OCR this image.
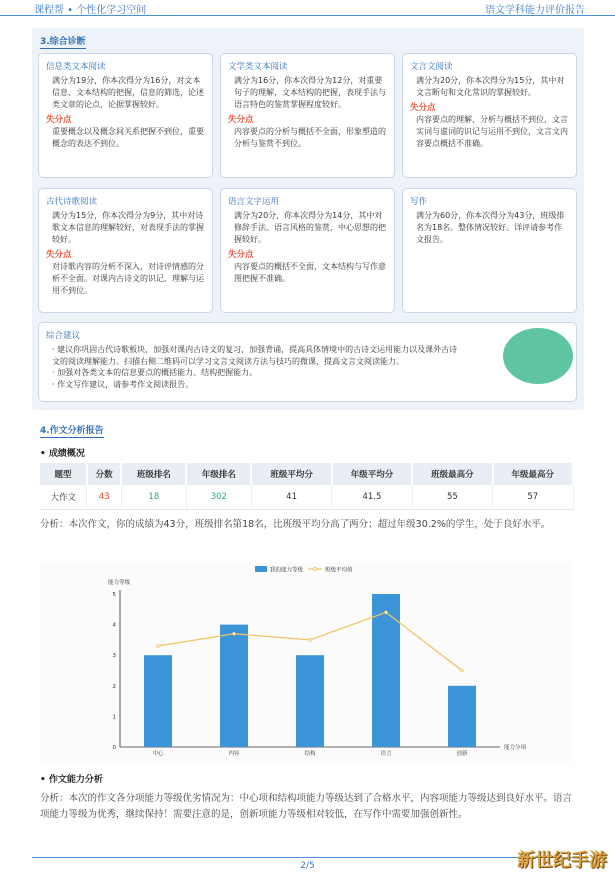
课程帮 • 个性化学习空间	语文学科能力评价报告
3.综合诊断
信息类文本阅读
满分为19分，你本次得分为16分，对文本信息、文本结构的把握，信息的筛选，论述类文章的论点，论据掌握较好。
失分点
重要概念以及概念间关系把握不到位，重要概念的表达不到位。
文学类文本阅读
满分为16分，你本次得分为12分，对重要句子的理解，文本结构的把握，表现手法与语言特色的鉴赏掌握程度较好。
失分点
内容要点的分析与概括不全面，形象塑造的分析与鉴赏不到位。
文言文阅读
满分为20分，你本次得分为15分，其中对文言断句和文化常识的掌握较好。
失分点
内容要点的理解、分析与概括不到位，文言实词与虚词的识记与运用不到位，文言文内容要点概括不准确。
古代诗歌阅读
满分为15分，你本次得分为9分，其中对诗歌文本信息的理解较好，对表现手法的掌握较好。
失分点
对诗歌内容的分析不深入，对诗评情感的分析不全面。对课内古诗文的识记、理解与运用不到位。
语言文字运用
满分为20分，你本次得分为14分，其中对修辞手法、语言风格的鉴赏，中心思想的把握较好。
失分点
内容要点的概括不全面，文本结构与写作意图把握不准确。
写作
满分为60分，你本次得分为43分，班级排名为18名。整体情况较好。详评请参考作文报告。
综合建议
· 建议你巩固古代诗歌板块，加强对课内古诗文的复习，加强背诵，提高具体情境中的古诗文运用能力以及课外古诗
文的阅读理解能力。扫描右侧二维码可以学习文言文阅读方法与技巧的微课，提高文言文阅读能力。
· 加强对各类文本的信息要点的概括能力、结构把握能力。
· 作文写作建议，请参考作文阅读报告。
4.作文分析报告
• 成绩概况
题型	分数	班级排名	年级排名	班级平均分	年级平均分	班级最高分	年级最高分
大作文	43	18	302	41	41.5	55	57
分析：本次作文，你的成绩为43分，班级排名第18名，比班级平均分高了两分；超过年级30.2%的学生，处于良好水平。
能力等级
0
1
2
3
4
5
能力分项
中心	内容	结构	语言	创新
我的能力等级	班级平均值
• 作文能力分析
分析：本次的作文各分项能力等级优劣情况为：中心项和结构项能力等级达到了合格水平，内容项能力等级达到良好水平。语言项能力等级为优秀，继续保持！需要注意的是，创新项能力等级相对较低，在写作中需要加强创新性。
2/5	新世纪手游
